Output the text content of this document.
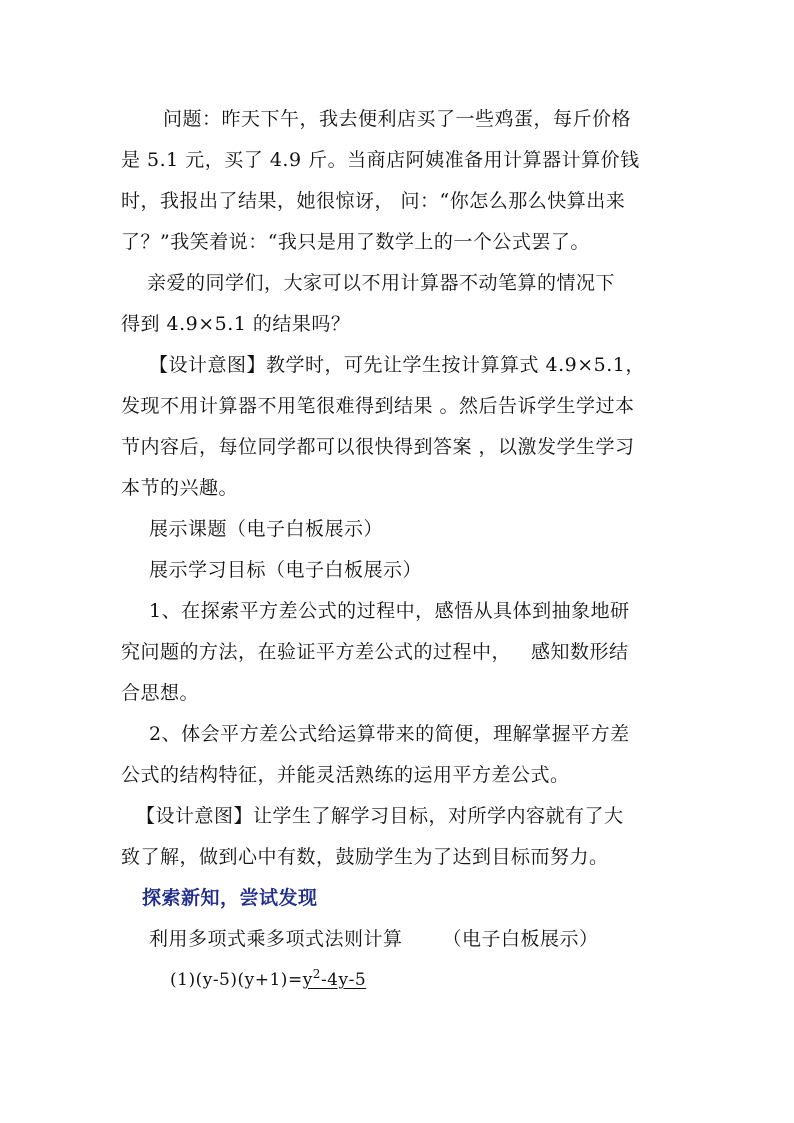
问题：昨天下午，我去便利店买了一些鸡蛋，每斤价格
是 5.1 元，买了 4.9 斤。当商店阿姨准备用计算器计算价钱
时，我报出了结果，她很惊讶， 问：“你怎么那么快算出来
了？”我笑着说：“我只是用了数学上的一个公式罢了。
亲爱的同学们，大家可以不用计算器不动笔算的情况下
得到 4.9×5.1 的结果吗？
【设计意图】教学时，可先让学生按计算算式 4.9×5.1，
发现不用计算器不用笔很难得到结果 。然后告诉学生学过本
节内容后，每位同学都可以很快得到答案 ，以激发学生学习
本节的兴趣。
展示课题（电子白板展示）
展示学习目标（电子白板展示）
1、在探索平方差公式的过程中，感悟从具体到抽象地研
究问题的方法，在验证平方差公式的过程中， 感知数形结
合思想。
2、体会平方差公式给运算带来的简便，理解掌握平方差
公式的结构特征，并能灵活熟练的运用平方差公式。
【设计意图】让学生了解学习目标，对所学内容就有了大
致了解，做到心中有数，鼓励学生为了达到目标而努力。
探索新知，尝试发现
利用多项式乘多项式法则计算 （电子白板展示）
$(1)(y-5)(y+1)=y^2-4y-5$
